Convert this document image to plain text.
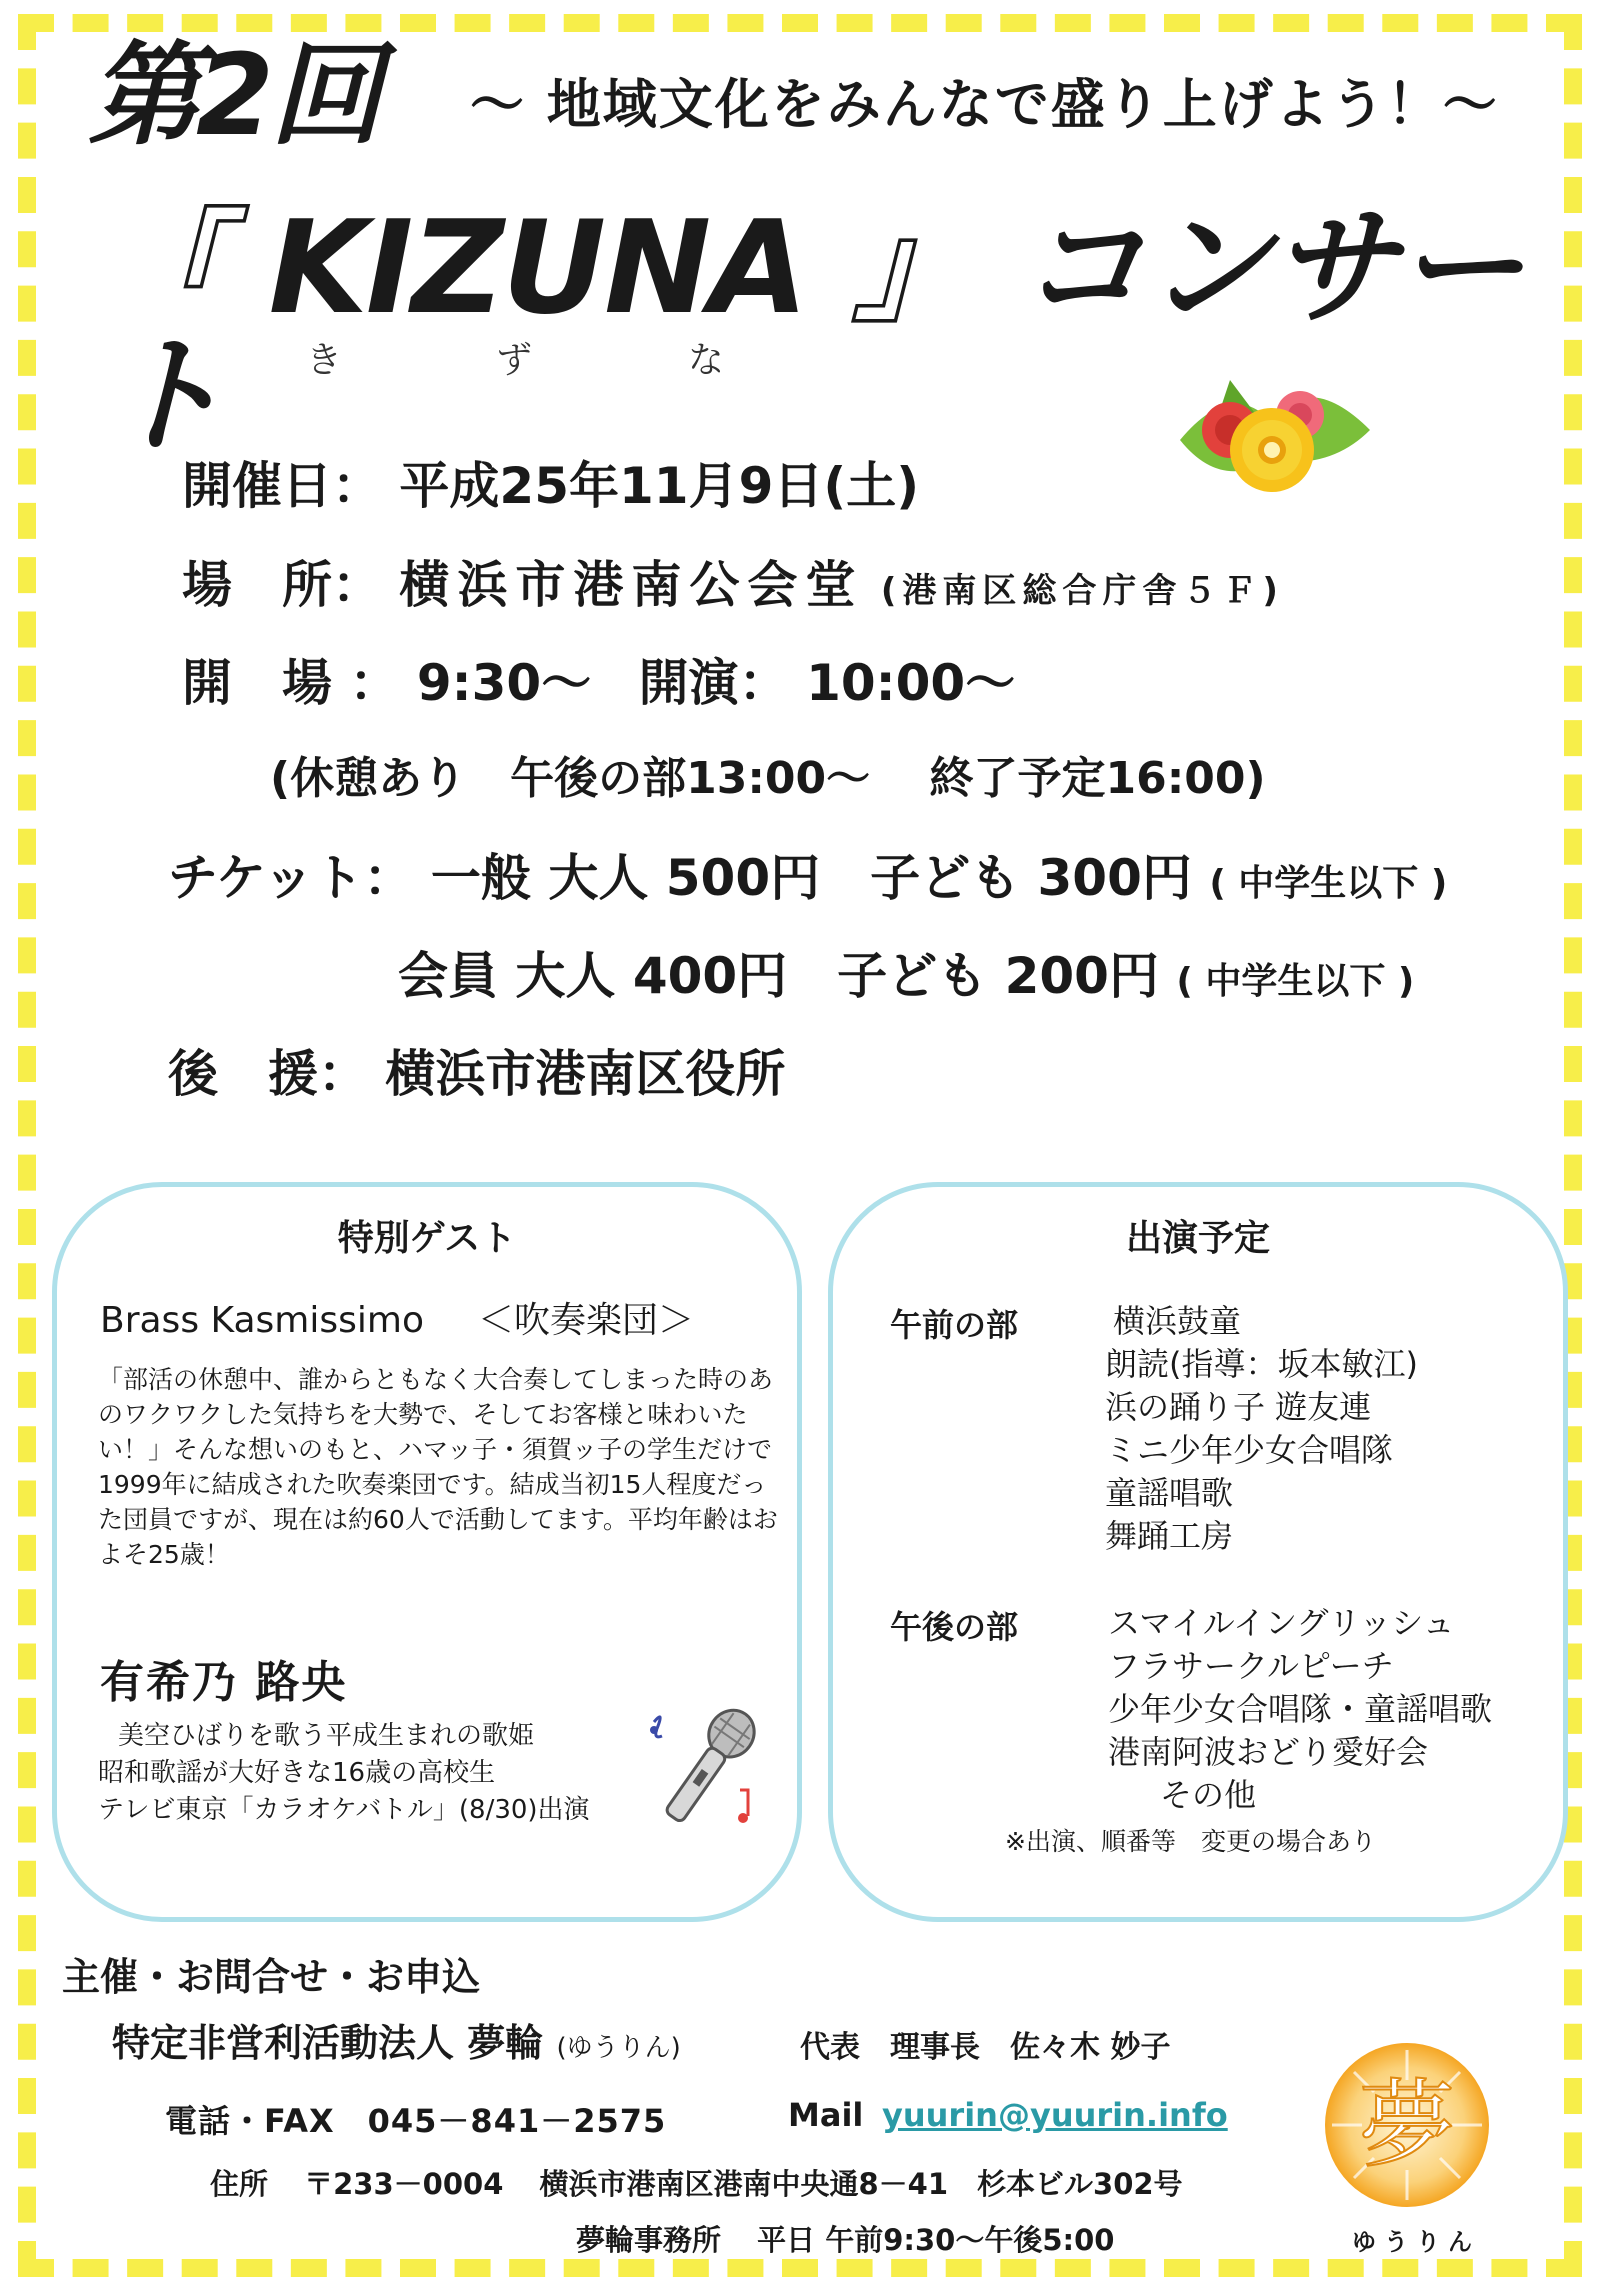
第2回 ～ 地域文化をみんなで盛り上げよう！～
『 KIZUNA 』 コンサート	き	ず	な
開催日： 平成25年11月9日(土)
場　所： 横浜市港南公会堂 (港南区総合庁舎５Ｆ)
開　場 ： 9:30～ 開演： 10:00～
(休憩あり　午後の部13:00～　 終了予定16:00)
チケット： 一般 大人 500円　子ども 300円 ( 中学生以下 )
会員 大人 400円　子ども 200円 ( 中学生以下 )
後　援： 横浜市港南区役所
特別ゲスト
Brass Kasmissimo ＜吹奏楽団＞
「部活の休憩中、誰からともなく大合奏してしまった時のあのワクワクした気持ちを大勢で、そしてお客様と味わいたい！」そんな想いのもと、ハマッ子・須賀ッ子の学生だけで1999年に結成された吹奏楽団です。結成当初15人程度だった団員ですが、現在は約60人で活動してます。平均年齢はおよそ25歳！
有希乃 路央
美空ひばりを歌う平成生まれの歌姫
昭和歌謡が大好きな16歳の高校生
テレビ東京「カラオケバトル」(8/30)出演
出演予定
午前の部	横浜鼓童
朗読(指導：坂本敏江)
浜の踊り子 遊友連
ミニ少年少女合唱隊
童謡唱歌
舞踊工房
午後の部	スマイルイングリッシュ
フラサークルピーチ
少年少女合唱隊・童謡唱歌
港南阿波おどり愛好会
その他
※出演、順番等　変更の場合あり
主催・お問合せ・お申込
特定非営利活動法人 夢輪 (ゆうりん)	代表　理事長　佐々木 妙子
電話・FAX　045－841－2575	Mail yuurin@yuurin.info
住所 〒233－0004 横浜市港南区港南中央通8－41　杉本ビル302号
夢輪事務所 平日 午前9:30～午後5:00
夢
ゆうりん
